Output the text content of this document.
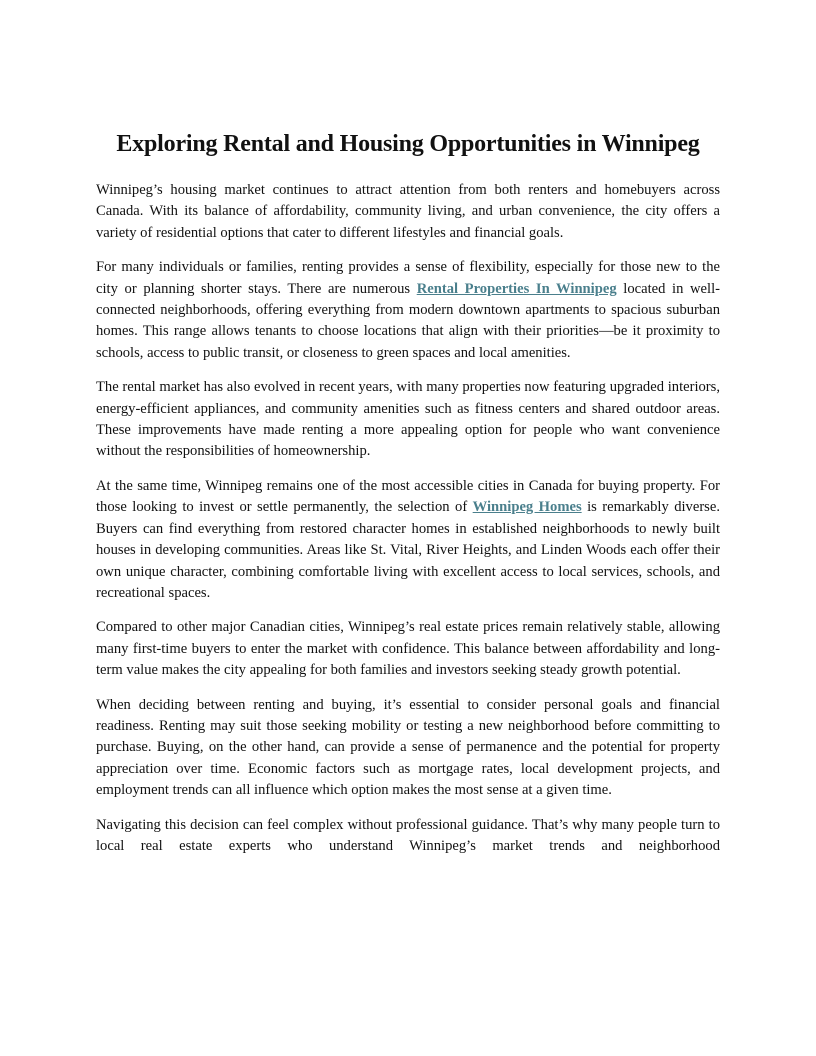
Exploring Rental and Housing Opportunities in Winnipeg

Winnipeg’s housing market continues to attract attention from both renters and homebuyers across Canada. With its balance of affordability, community living, and urban convenience, the city offers a variety of residential options that cater to different lifestyles and financial goals.

For many individuals or families, renting provides a sense of flexibility, especially for those new to the city or planning shorter stays. There are numerous Rental Properties In Winnipeg located in well-connected neighborhoods, offering everything from modern downtown apartments to spacious suburban homes. This range allows tenants to choose locations that align with their priorities—be it proximity to schools, access to public transit, or closeness to green spaces and local amenities.

The rental market has also evolved in recent years, with many properties now featuring upgraded interiors, energy-efficient appliances, and community amenities such as fitness centers and shared outdoor areas. These improvements have made renting a more appealing option for people who want convenience without the responsibilities of homeownership.

At the same time, Winnipeg remains one of the most accessible cities in Canada for buying property. For those looking to invest or settle permanently, the selection of Winnipeg Homes is remarkably diverse. Buyers can find everything from restored character homes in established neighborhoods to newly built houses in developing communities. Areas like St. Vital, River Heights, and Linden Woods each offer their own unique character, combining comfortable living with excellent access to local services, schools, and recreational spaces.

Compared to other major Canadian cities, Winnipeg’s real estate prices remain relatively stable, allowing many first-time buyers to enter the market with confidence. This balance between affordability and long-term value makes the city appealing for both families and investors seeking steady growth potential.

When deciding between renting and buying, it’s essential to consider personal goals and financial readiness. Renting may suit those seeking mobility or testing a new neighborhood before committing to purchase. Buying, on the other hand, can provide a sense of permanence and the potential for property appreciation over time. Economic factors such as mortgage rates, local development projects, and employment trends can all influence which option makes the most sense at a given time.

Navigating this decision can feel complex without professional guidance. That’s why many people turn to local real estate experts who understand Winnipeg’s market trends and neighborhood
